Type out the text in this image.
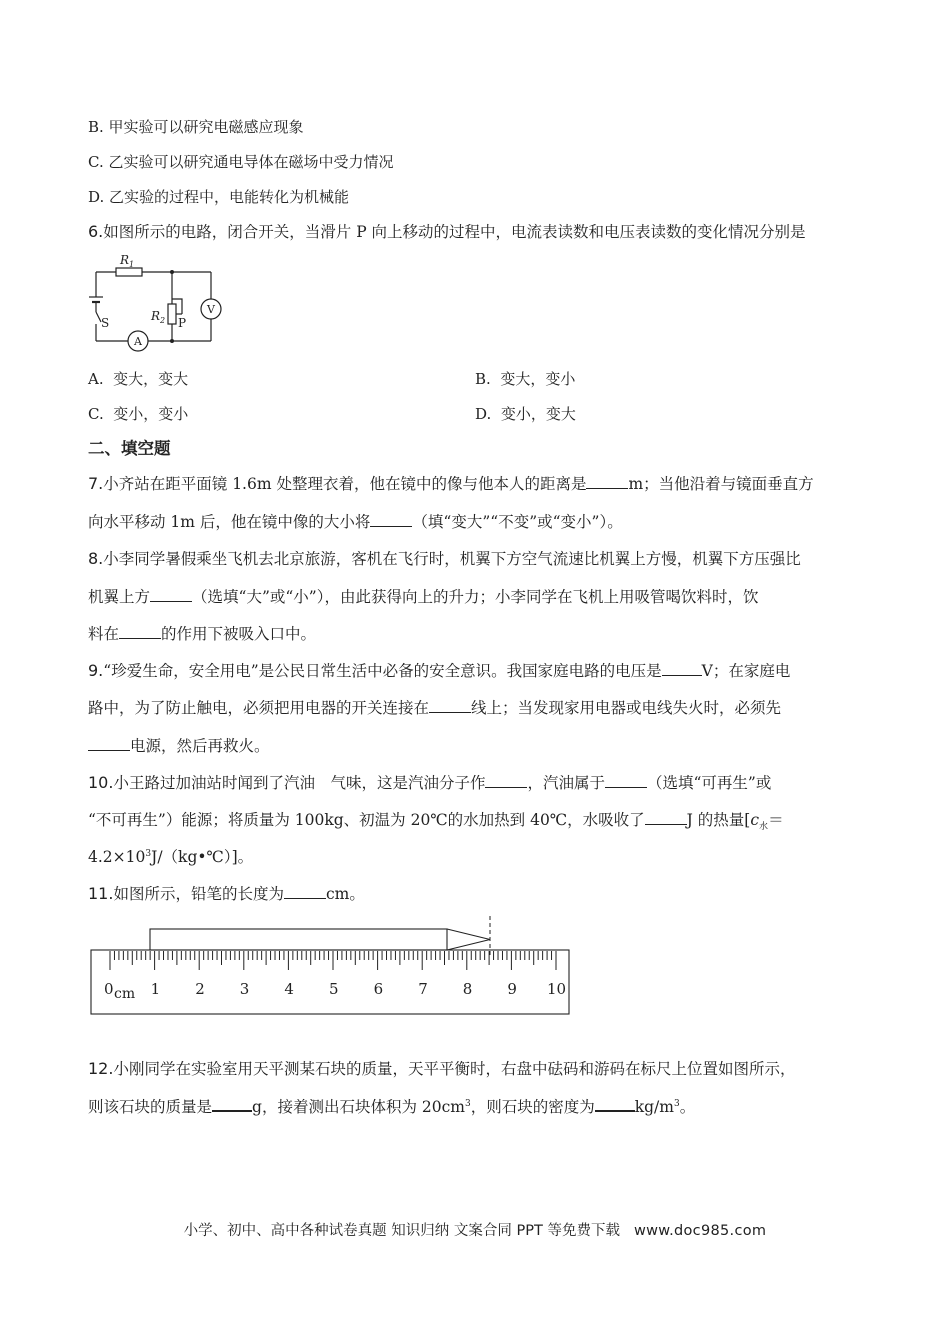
B. 甲实验可以研究电磁感应现象
C. 乙实验可以研究通电导体在磁场中受力情况
D. 乙实验的过程中，电能转化为机械能
6.如图所示的电路，闭合开关，当滑片 P 向上移动的过程中，电流表读数和电压表读数的变化情况分别是
$R_1$
$R_2$ P
S
A
V
A. 变大，变大	B. 变大，变小
C. 变小，变小	D. 变小，变大
二、填空题
7.小齐站在距平面镜 1.6m 处整理衣着，他在镜中的像与他本人的距离是	m；当他沿着与镜面垂直方
向水平移动 1m 后，他在镜中像的大小将	（填“变大”“不变”或“变小”）。
8.小李同学暑假乘坐飞机去北京旅游，客机在飞行时，机翼下方空气流速比机翼上方慢，机翼下方压强比
机翼上方	（选填“大”或“小”），由此获得向上的升力；小李同学在飞机上用吸管喝饮料时，饮
料在	的作用下被吸入口中。
9.“珍爱生命，安全用电”是公民日常生活中必备的安全意识。我国家庭电路的电压是	V；在家庭电
路中，为了防止触电，必须把用电器的开关连接在	线上；当发现家用电器或电线失火时，必须先
电源，然后再救火。
10.小王路过加油站时闻到了汽油　气味，这是汽油分子作	，汽油属于	（选填“可再生”或
“不可再生”）能源；将质量为 100kg、初温为 20℃的水加热到 40℃，水吸收了	J 的热量[$c_水=$
$4.2\times 10^3J/(kg•℃)$]。
11.如图所示，铅笔的长度为	cm。
0 cm 1 2 3 4 5 6 7 8 9 10
12.小刚同学在实验室用天平测某石块的质量，天平平衡时，右盘中砝码和游码在标尺上位置如图所示，
则该石块的质量是	g，接着测出石块体积为 $20cm^3$，则石块的密度为	$kg/m^3$。
小学、初中、高中各种试卷真题 知识归纳 文案合同 PPT 等免费下载 www.doc985.com
